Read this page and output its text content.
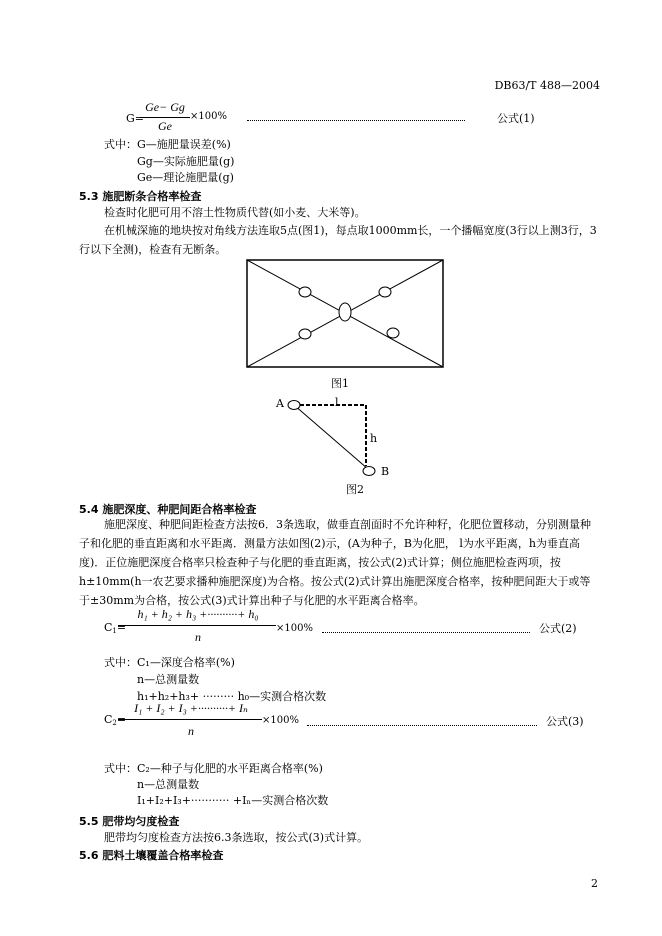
DB63/T 488—2004
G=
Ge− Gg
Ge
×100%	公式(1)
式中：G—施肥量误差(%)
Gg—实际施肥量(g)
Ge—理论施肥量(g)
5.3 施肥断条合格率检查
检查时化肥可用不溶土性物质代替(如小麦、大米等)。
在机械深施的地块按对角线方法连取5点(图1)，每点取1000mm长，一个播幅宽度(3行以上测3行，3行以下全测)，检查有无断条。
图1
A	l
h
B
图2
5.4 施肥深度、种肥间距合格率检查
施肥深度、种肥间距检查方法按6．3条选取，做垂直剖面时不允许种籽，化肥位置移动，分别测量种子和化肥的垂直距离和水平距离．测量方法如图(2)示，(A为种子，B为化肥， l为水平距离，h为垂直高度)．正位施肥深度合格率只检查种子与化肥的垂直距离，按公式(2)式计算；侧位施肥检查两项，按h±10mm(h一农艺要求播种施肥深度)为合格。按公式(2)式计算出施肥深度合格率，按种肥间距大于或等于±30mm为合格，按公式(3)式计算出种子与化肥的水平距离合格率。
$C_1=$
h₁ + h₂ + h₃ +··········+ h₀
n
×100%	公式(2)
式中：C₁—深度合格率(%)
n—总测量数
h₁+h₂+h₃+ ········· h₀—实测合格次数
$C_2=$
I₁ + I₂ + I₃ +··········+ Iₙ
n
×100%	公式(3)
式中：C₂—种子与化肥的水平距离合格率(%)
n—总测量数
I₁+I₂+I₃+··········· +Iₙ—实测合格次数
5.5 肥带均匀度检查
肥带均匀度检查方法按6.3条选取，按公式(3)式计算。
5.6 肥料土壤覆盖合格率检查
2
